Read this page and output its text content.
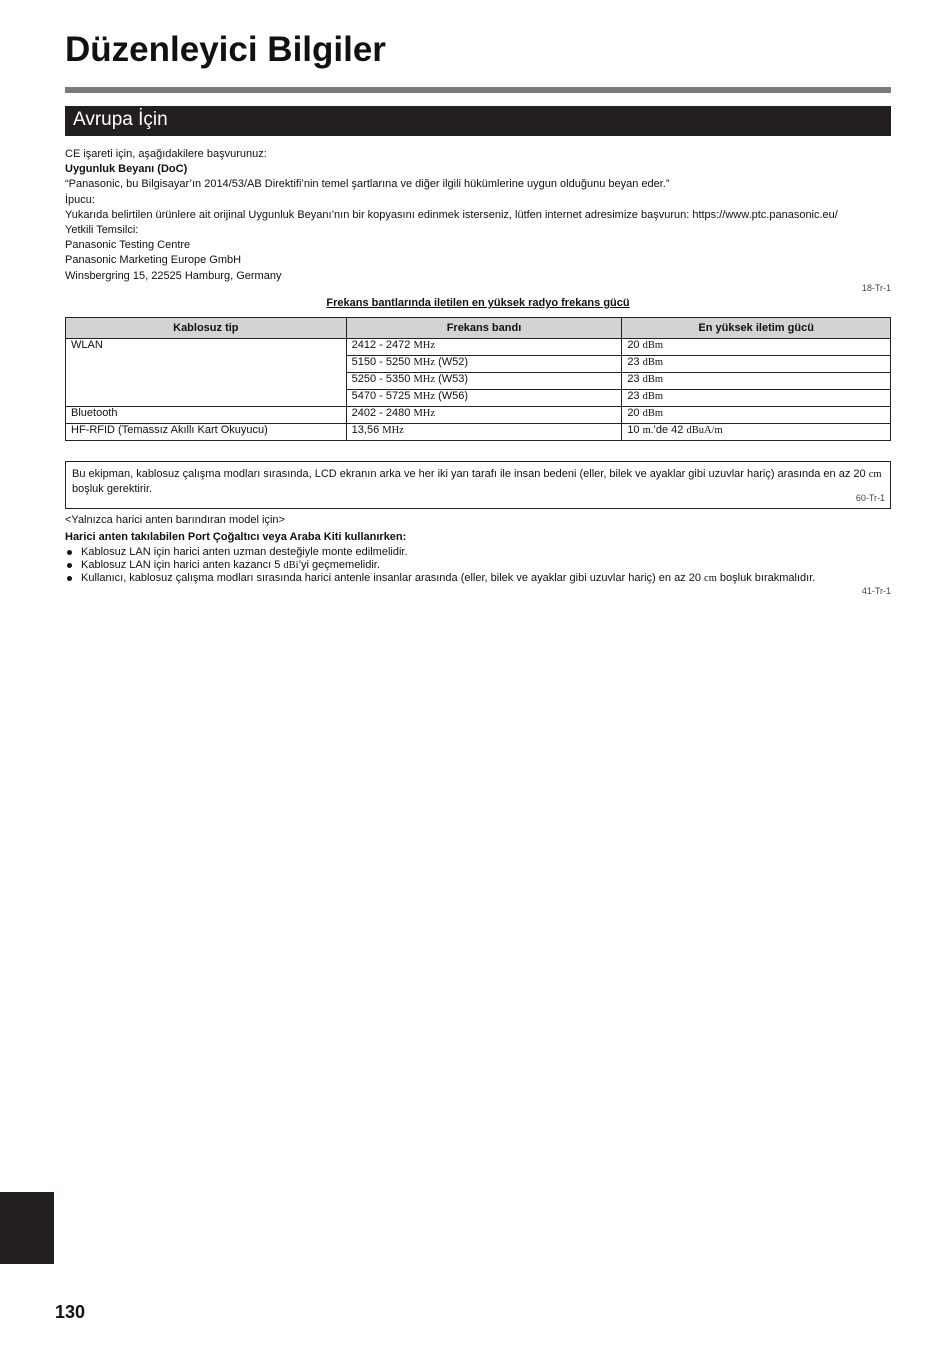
Düzenleyici Bilgiler
Avrupa İçin
CE işareti için, aşağıdakilere başvurunuz:
Uygunluk Beyanı (DoC)
“Panasonic, bu Bilgisayar’ın 2014/53/AB Direktifi’nin temel şartlarına ve diğer ilgili hükümlerine uygun olduğunu beyan eder.”
İpucu:
Yukarıda belirtilen ürünlere ait orijinal Uygunluk Beyanı’nın bir kopyasını edinmek isterseniz, lütfen internet adresimize başvurun: https://www.ptc.panasonic.eu/
Yetkili Temsilci:
Panasonic Testing Centre
Panasonic Marketing Europe GmbH
Winsbergring 15, 22525 Hamburg, Germany
18-Tr-1
Frekans bantlarında iletilen en yüksek radyo frekans gücü
Kablosuz tip	Frekans bandı	En yüksek iletim gücü
WLAN	2412 - 2472 MHz	20 dBm
	5150 - 5250 MHz (W52)	23 dBm
	5250 - 5350 MHz (W53)	23 dBm
	5470 - 5725 MHz (W56)	23 dBm
Bluetooth	2402 - 2480 MHz	20 dBm
HF-RFID (Temassız Akıllı Kart Okuyucu)	13,56 MHz	10 m.’de 42 dBuA/m
Bu ekipman, kablosuz çalışma modları sırasında, LCD ekranın arka ve her iki yan tarafı ile insan bedeni (eller, bilek ve ayaklar gibi uzuvlar hariç) arasında en az 20 cm boşluk gerektirir.
60-Tr-1
<Yalnızca harici anten barındıran model için>
Harici anten takılabilen Port Çoğaltıcı veya Araba Kiti kullanırken:
Kablosuz LAN için harici anten uzman desteğiyle monte edilmelidir.
Kablosuz LAN için harici anten kazancı 5 dBi’yi geçmemelidir.
Kullanıcı, kablosuz çalışma modları sırasında harici antenle insanlar arasında (eller, bilek ve ayaklar gibi uzuvlar hariç) en az 20 cm boşluk bırakmalıdır.
41-Tr-1
130
